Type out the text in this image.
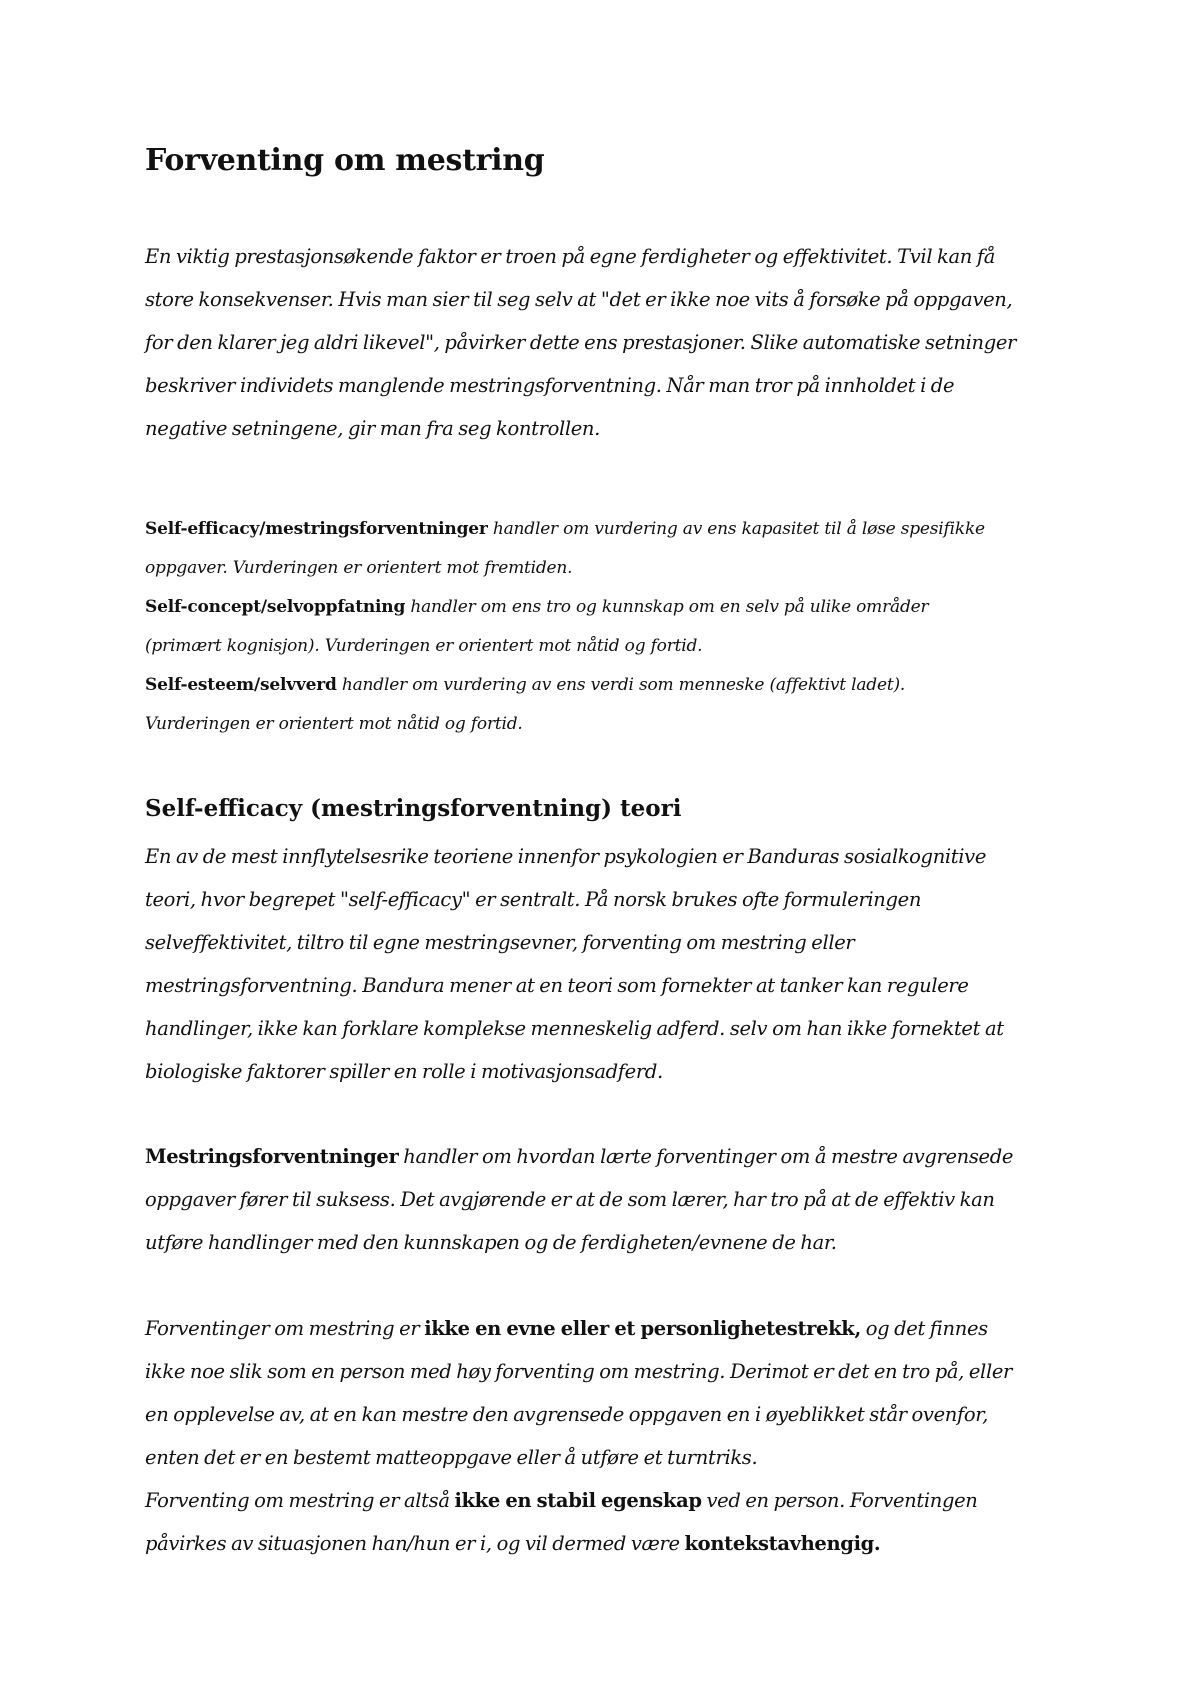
Forventing om mestring

En viktig prestasjonsøkende faktor er troen på egne ferdigheter og effektivitet. Tvil kan få
store konsekvenser. Hvis man sier til seg selv at "det er ikke noe vits å forsøke på oppgaven,
for den klarer jeg aldri likevel", påvirker dette ens prestasjoner. Slike automatiske setninger
beskriver individets manglende mestringsforventning. Når man tror på innholdet i de
negative setningene, gir man fra seg kontrollen.

Self-efficacy/mestringsforventninger handler om vurdering av ens kapasitet til å løse spesifikke
oppgaver. Vurderingen er orientert mot fremtiden.
Self-concept/selvoppfatning handler om ens tro og kunnskap om en selv på ulike områder
(primært kognisjon). Vurderingen er orientert mot nåtid og fortid.
Self-esteem/selvverd handler om vurdering av ens verdi som menneske (affektivt ladet).
Vurderingen er orientert mot nåtid og fortid.

Self-efficacy (mestringsforventning) teori

En av de mest innflytelsesrike teoriene innenfor psykologien er Banduras sosialkognitive
teori, hvor begrepet "self-efficacy" er sentralt. På norsk brukes ofte formuleringen
selveffektivitet, tiltro til egne mestringsevner, forventing om mestring eller
mestringsforventning. Bandura mener at en teori som fornekter at tanker kan regulere
handlinger, ikke kan forklare komplekse menneskelig adferd. selv om han ikke fornektet at
biologiske faktorer spiller en rolle i motivasjonsadferd.

Mestringsforventninger handler om hvordan lærte forventinger om å mestre avgrensede
oppgaver fører til suksess. Det avgjørende er at de som lærer, har tro på at de effektiv kan
utføre handlinger med den kunnskapen og de ferdigheten/evnene de har.

Forventinger om mestring er ikke en evne eller et personlighetestrekk, og det finnes
ikke noe slik som en person med høy forventing om mestring. Derimot er det en tro på, eller
en opplevelse av, at en kan mestre den avgrensede oppgaven en i øyeblikket står ovenfor,
enten det er en bestemt matteoppgave eller å utføre et turntriks.
Forventing om mestring er altså ikke en stabil egenskap ved en person. Forventingen
påvirkes av situasjonen han/hun er i, og vil dermed være kontekstavhengig.
